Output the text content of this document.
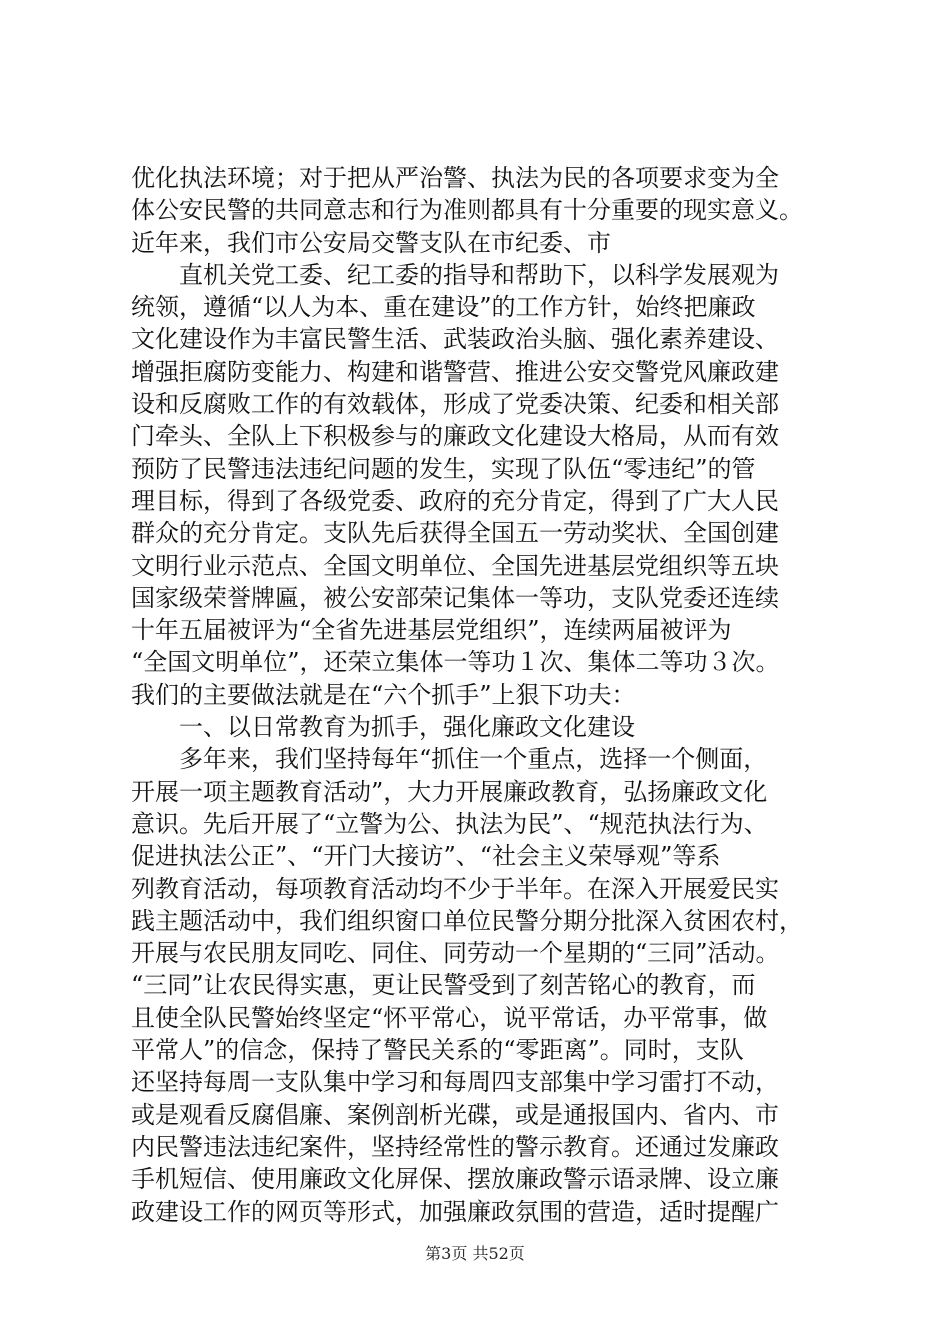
优化执法环境；对于把从严治警、执法为民的各项要求变为全
体公安民警的共同意志和行为准则都具有十分重要的现实意义。
近年来，我们市公安局交警支队在市纪委、市
直机关党工委、纪工委的指导和帮助下，以科学发展观为
统领，遵循“以人为本、重在建设”的工作方针，始终把廉政
文化建设作为丰富民警生活、武装政治头脑、强化素养建设、
增强拒腐防变能力、构建和谐警营、推进公安交警党风廉政建
设和反腐败工作的有效载体，形成了党委决策、纪委和相关部
门牵头、全队上下积极参与的廉政文化建设大格局，从而有效
预防了民警违法违纪问题的发生，实现了队伍“零违纪”的管
理目标，得到了各级党委、政府的充分肯定，得到了广大人民
群众的充分肯定。支队先后获得全国五一劳动奖状、全国创建
文明行业示范点、全国文明单位、全国先进基层党组织等五块
国家级荣誉牌匾，被公安部荣记集体一等功，支队党委还连续
十年五届被评为“全省先进基层党组织”，连续两届被评为
“全国文明单位”，还荣立集体一等功１次、集体二等功３次。
我们的主要做法就是在“六个抓手”上狠下功夫：
一、以日常教育为抓手，强化廉政文化建设
多年来，我们坚持每年“抓住一个重点，选择一个侧面，
开展一项主题教育活动”，大力开展廉政教育，弘扬廉政文化
意识。先后开展了“立警为公、执法为民”、“规范执法行为、
促进执法公正”、“开门大接访”、“社会主义荣辱观”等系
列教育活动，每项教育活动均不少于半年。在深入开展爱民实
践主题活动中，我们组织窗口单位民警分期分批深入贫困农村，
开展与农民朋友同吃、同住、同劳动一个星期的“三同”活动。
“三同”让农民得实惠，更让民警受到了刻苦铭心的教育，而
且使全队民警始终坚定“怀平常心，说平常话，办平常事，做
平常人”的信念，保持了警民关系的“零距离”。同时，支队
还坚持每周一支队集中学习和每周四支部集中学习雷打不动，
或是观看反腐倡廉、案例剖析光碟，或是通报国内、省内、市
内民警违法违纪案件，坚持经常性的警示教育。还通过发廉政
手机短信、使用廉政文化屏保、摆放廉政警示语录牌、设立廉
政建设工作的网页等形式，加强廉政氛围的营造，适时提醒广
第3页 共52页
